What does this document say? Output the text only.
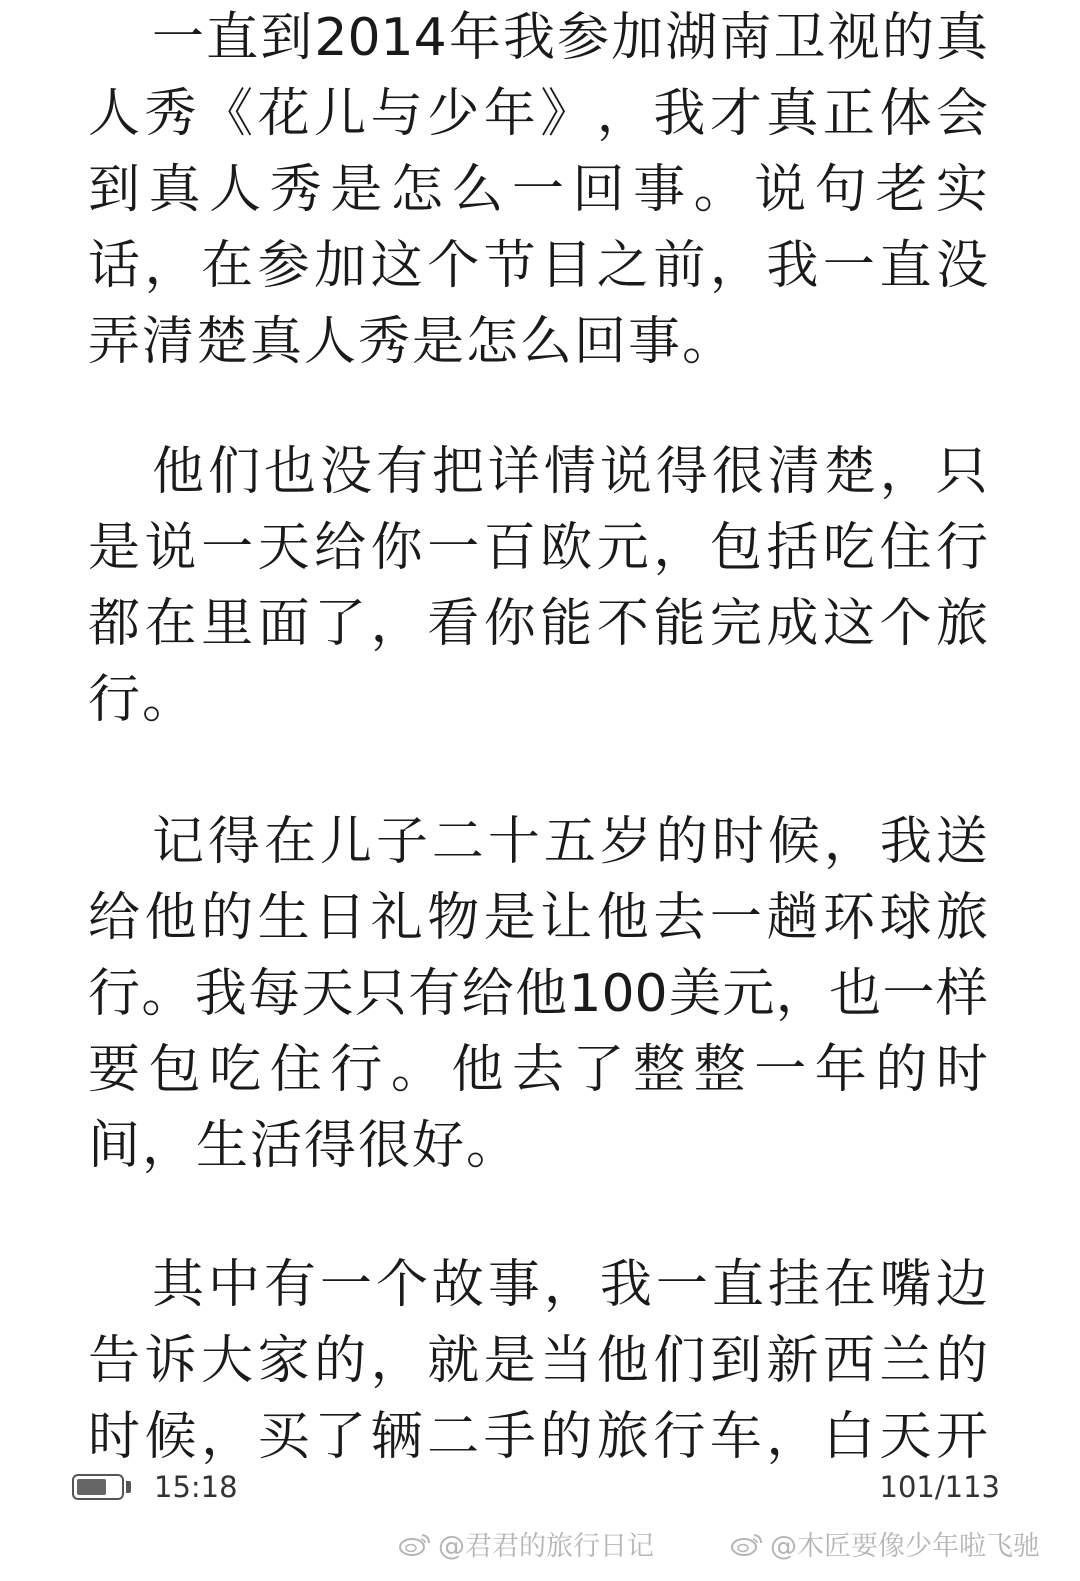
一 直 到 2014 年 我 参 加 湖 南 卫 视 的 真
人 秀 《 花 儿 与 少 年 》 ， 我 才 真 正 体 会
到 真 人 秀 是 怎 么 一 回 事 。 说 句 老 实
话 ， 在 参 加 这 个 节 目 之 前 ， 我 一 直 没
弄清楚真人秀是怎么回事。
他 们 也 没 有 把 详 情 说 得 很 清 楚 ， 只
是 说 一 天 给 你 一 百 欧 元 ， 包 括 吃 住 行
都 在 里 面 了 ， 看 你 能 不 能 完 成 这 个 旅
行。
记 得 在 儿 子 二 十 五 岁 的 时 候 ， 我 送
给 他 的 生 日 礼 物 是 让 他 去 一 趟 环 球 旅
行 。 我 每 天 只 有 给 他 100 美 元 ， 也 一 样
要 包 吃 住 行 。 他 去 了 整 整 一 年 的 时
间，生活得很好。
其 中 有 一 个 故 事 ， 我 一 直 挂 在 嘴 边
告 诉 大 家 的 ， 就 是 当 他 们 到 新 西 兰 的
时 候 ， 买 了 辆 二 手 的 旅 行 车 ， 白 天 开
15:18	101/113
@君君的旅行日记	@木匠要像少年啦飞驰
